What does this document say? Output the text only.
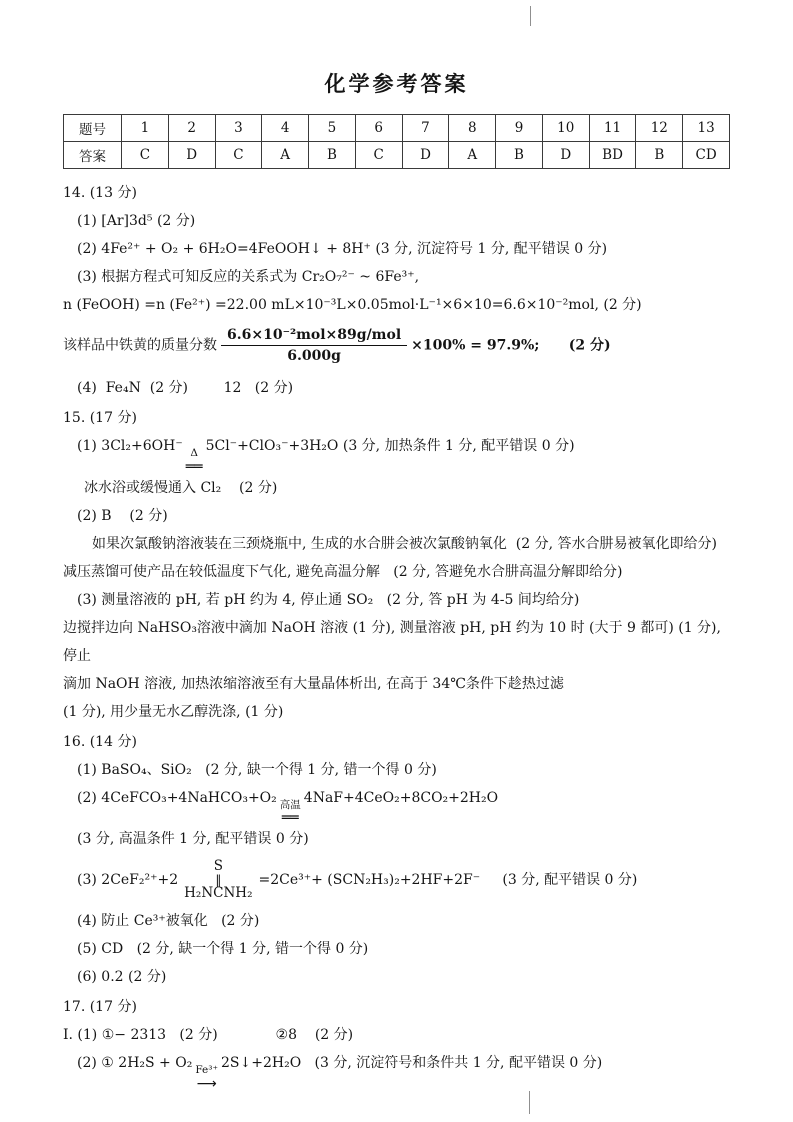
化学参考答案
题号	1	2	3	4	5	6	7	8	9	10	11	12	13
答案	C	D	C	A	B	C	D	A	B	D	BD	B	CD

14. (13 分)

(1) [Ar]3d⁵ (2 分)

(2) 4Fe²⁺ + O₂ + 6H₂O=4FeOOH↓ + 8H⁺ (3 分, 沉淀符号 1 分, 配平错误 0 分)

(3) 根据方程式可知反应的关系式为 Cr₂O₇²⁻ ~ 6Fe³⁺,

n (FeOOH) =n (Fe²⁺) =22.00 mL×10⁻³L×0.05mol·L⁻¹×6×10=6.6×10⁻²mol, (2 分)

该样品中铁黄的质量分数 $\frac{\text{6.6×10⁻²mol×89g/mol}}{6.000g} \times 100\% = 97.9\%$;      (2 分)

(4)  Fe₄N  (2 分)        12   (2 分)

15. (17 分)

(1) 3Cl₂+6OH⁻ Δ
══
5Cl⁻+ClO₃⁻+3H₂O (3 分, 加热条件 1 分, 配平错误 0 分)

冰水浴或缓慢通入 Cl₂    (2 分)

(2) B    (2 分)

如果次氯酸钠溶液装在三颈烧瓶中, 生成的水合肼会被次氯酸钠氧化  (2 分, 答水合肼易被氧化即给分)

减压蒸馏可使产品在较低温度下气化, 避免高温分解   (2 分, 答避免水合肼高温分解即给分)

(3) 测量溶液的 pH, 若 pH 约为 4, 停止通 SO₂   (2 分, 答 pH 为 4-5 间均给分)

边搅拌边向 NaHSO₃溶液中滴加 NaOH 溶液 (1 分), 测量溶液 pH, pH 约为 10 时 (大于 9 都可) (1 分), 停止

滴加 NaOH 溶液, 加热浓缩溶液至有大量晶体析出, 在高于 34℃条件下趁热过滤

(1 分), 用少量无水乙醇洗涤, (1 分)

16. (14 分)

(1) BaSO₄、SiO₂   (2 分, 缺一个得 1 分, 错一个得 0 分)

(2) 4CeFCO₃+4NaHCO₃+O₂ 高温
══
4NaF+4CeO₂+8CO₂+2H₂O

(3 分, 高温条件 1 分, 配平错误 0 分)

(3) 2CeF₂²⁺+2
S
‖
H₂NCNH₂
=2Ce³⁺+ (SCN₂H₃)₂+2HF+2F⁻     (3 分, 配平错误 0 分)

(4) 防止 Ce³⁺被氧化   (2 分)

(5) CD   (2 分, 缺一个得 1 分, 错一个得 0 分)

(6) 0.2 (2 分)

17. (17 分)

Ⅰ. (1) ①− 2313   (2 分)             ②8    (2 分)

(2) ① 2H₂S + O₂ Fe³⁺
⟶
2S↓+2H₂O   (3 分, 沉淀符号和条件共 1 分, 配平错误 0 分)
